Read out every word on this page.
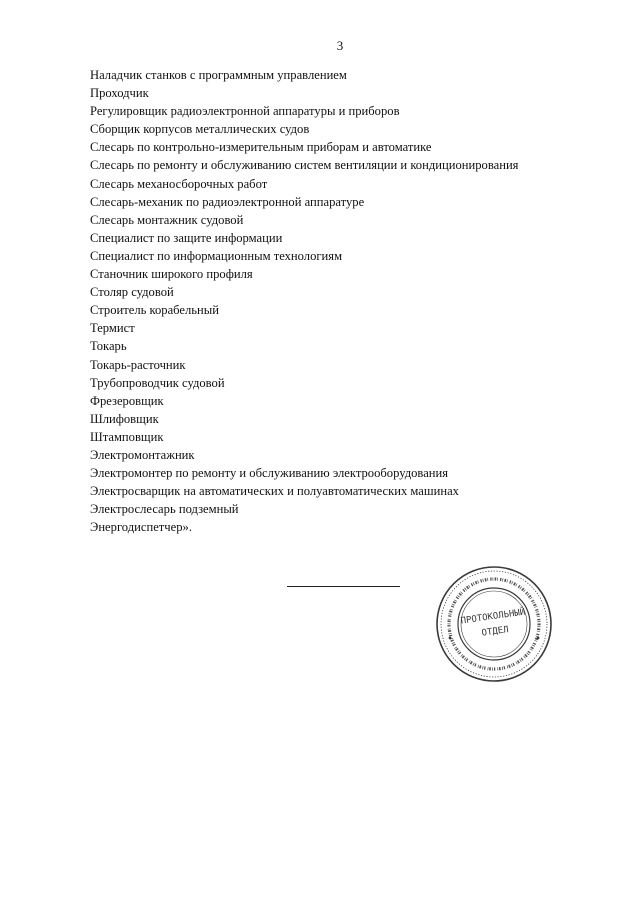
3
Наладчик станков с программным управлением
Проходчик
Регулировщик радиоэлектронной аппаратуры и приборов
Сборщик корпусов металлических судов
Слесарь по контрольно-измерительным приборам и автоматике
Слесарь по ремонту и обслуживанию систем вентиляции и кондиционирования
Слесарь механосборочных работ
Слесарь-механик по радиоэлектронной аппаратуре
Слесарь монтажник судовой
Специалист по защите информации
Специалист по информационным технологиям
Станочник широкого профиля
Столяр судовой
Строитель корабельный
Термист
Токарь
Токарь-расточник
Трубопроводчик судовой
Фрезеровщик
Шлифовщик
Штамповщик
Электромонтажник
Электромонтер по ремонту и обслуживанию электрооборудования
Электросварщик на автоматических и полуавтоматических машинах
Электрослесарь подземный
Энергодиспетчер».
ПРОТОКОЛЬНЫЙ
ОТДЕЛ
